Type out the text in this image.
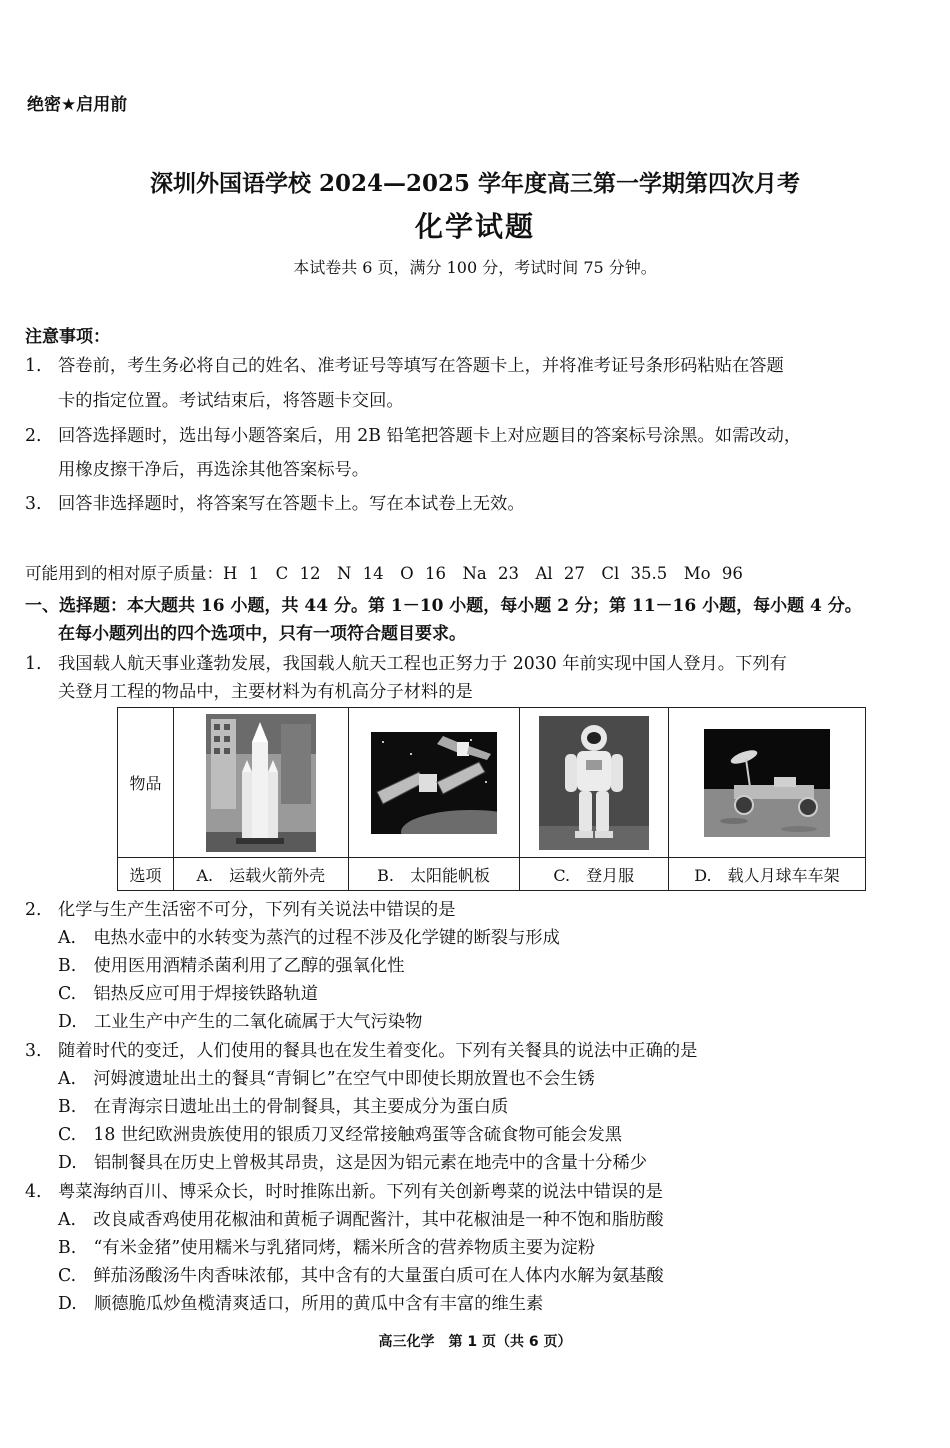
绝密★启用前
深圳外国语学校 2024—2025 学年度高三第一学期第四次月考
化学试题
本试卷共 6 页，满分 100 分，考试时间 75 分钟。
注意事项：
1. 答卷前，考生务必将自己的姓名、准考证号等填写在答题卡上，并将准考证号条形码粘贴在答题
卡的指定位置。考试结束后，将答题卡交回。
2. 回答选择题时，选出每小题答案后，用 2B 铅笔把答题卡上对应题目的答案标号涂黑。如需改动，
用橡皮擦干净后，再选涂其他答案标号。
3. 回答非选择题时，将答案写在答题卡上。写在本试卷上无效。
可能用到的相对原子质量：H 1　C 12　N 14　O 16　Na 23　Al 27　Cl 35.5　Mo 96
一、选择题：本大题共 16 小题，共 44 分。第 1－10 小题，每小题 2 分；第 11－16 小题，每小题 4 分。
在每小题列出的四个选项中，只有一项符合题目要求。
1. 我国载人航天事业蓬勃发展，我国载人航天工程也正努力于 2030 年前实现中国人登月。下列有
关登月工程的物品中，主要材料为有机高分子材料的是
物品	

选项	A.　运载火箭外壳	B.　太阳能帆板	C.　登月服	D.　载人月球车车架
2. 化学与生产生活密不可分，下列有关说法中错误的是
A.　电热水壶中的水转变为蒸汽的过程不涉及化学键的断裂与形成
B.　使用医用酒精杀菌利用了乙醇的强氧化性
C.　铝热反应可用于焊接铁路轨道
D.　工业生产中产生的二氧化硫属于大气污染物
3. 随着时代的变迁，人们使用的餐具也在发生着变化。下列有关餐具的说法中正确的是
A.　河姆渡遗址出土的餐具“青铜匕”在空气中即使长期放置也不会生锈
B.　在青海宗日遗址出土的骨制餐具，其主要成分为蛋白质
C.　18 世纪欧洲贵族使用的银质刀叉经常接触鸡蛋等含硫食物可能会发黑
D.　铝制餐具在历史上曾极其昂贵，这是因为铝元素在地壳中的含量十分稀少
4. 粤菜海纳百川、博采众长，时时推陈出新。下列有关创新粤菜的说法中错误的是
A.　改良咸香鸡使用花椒油和黄栀子调配酱汁，其中花椒油是一种不饱和脂肪酸
B.　“有米金猪”使用糯米与乳猪同烤，糯米所含的营养物质主要为淀粉
C.　鲜茄汤酸汤牛肉香味浓郁，其中含有的大量蛋白质可在人体内水解为氨基酸
D.　顺德脆瓜炒鱼榄清爽适口，所用的黄瓜中含有丰富的维生素
高三化学　第 1 页（共 6 页）
